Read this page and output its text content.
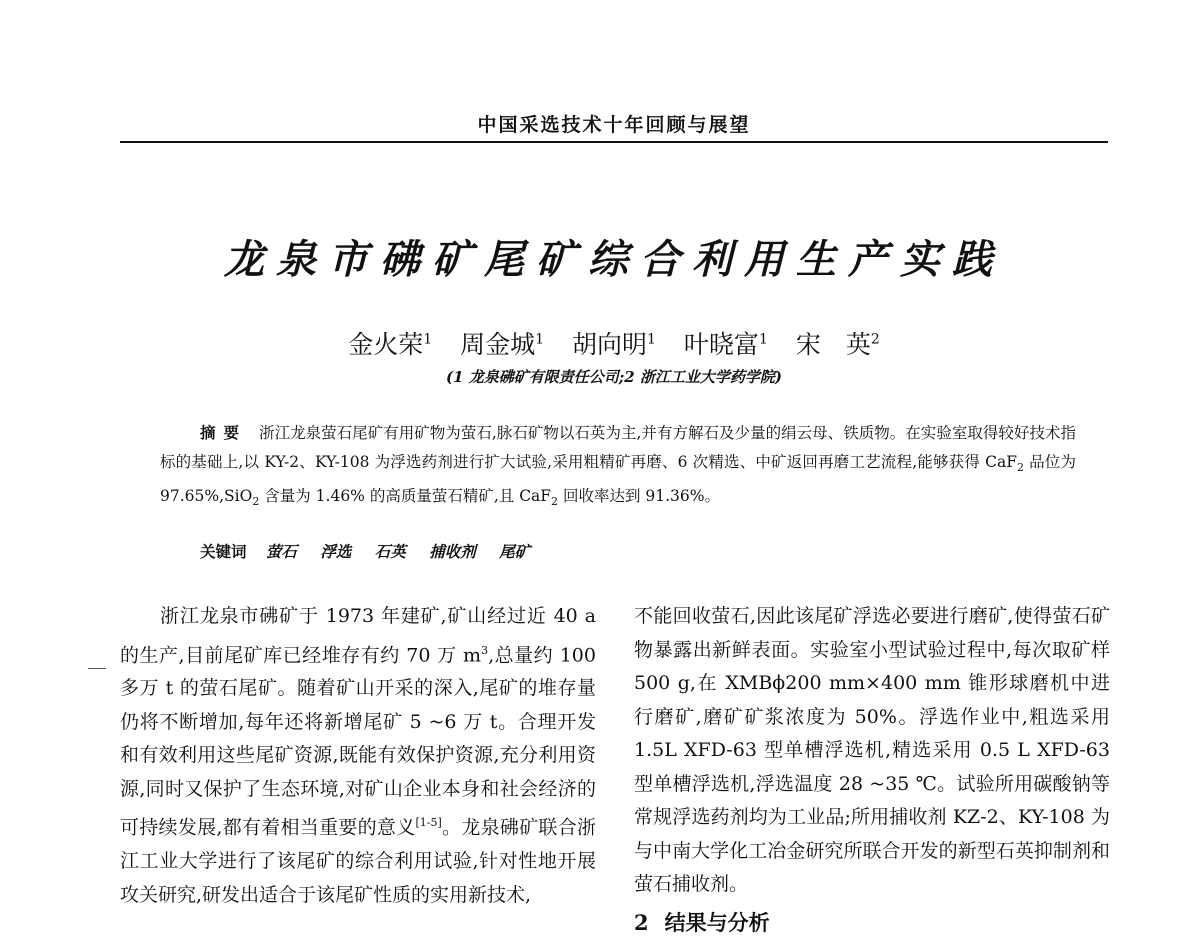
中国采选技术十年回顾与展望
龙泉市砩矿尾矿综合利用生产实践
金火荣$^1$ 周金城$^1$ 胡向明$^1$ 叶晓富$^1$ 宋　英$^2$
(1 龙泉砩矿有限责任公司;2 浙江工业大学药学院)
摘要 浙江龙泉萤石尾矿有用矿物为萤石,脉石矿物以石英为主,并有方解石及少量的绢云母、铁质物。在实验室取得较好技术指标的基础上,以 KY-2、KY-108 为浮选药剂进行扩大试验,采用粗精矿再磨、6 次精选、中矿返回再磨工艺流程,能够获得 CaF$_2$ 品位为 97.65%,SiO$_2$ 含量为 1.46% 的高质量萤石精矿,且 CaF$_2$ 回收率达到 91.36%。
关键词 萤石 浮选 石英 捕收剂 尾矿

浙江龙泉市砩矿于 1973 年建矿,矿山经过近 40 a 的生产,目前尾矿库已经堆存有约 70 万 $m^3$,总量约 100 多万 t 的萤石尾矿。随着矿山开采的深入,尾矿的堆存量仍将不断增加,每年还将新增尾矿 5 ~6 万 t。合理开发和有效利用这些尾矿资源,既能有效保护资源,充分利用资源,同时又保护了生态环境,对矿山企业本身和社会经济的可持续发展,都有着相当重要的意义[1-5]。龙泉砩矿联合浙江工业大学进行了该尾矿的综合利用试验,针对性地开展攻关研究,研发出适合于该尾矿性质的实用新技术,

不能回收萤石,因此该尾矿浮选必要进行磨矿,使得萤石矿物暴露出新鲜表面。实验室小型试验过程中,每次取矿样 500 g,在 XMBϕ200 mm×400 mm 锥形球磨机中进行磨矿,磨矿矿浆浓度为 50%。浮选作业中,粗选采用 1.5L XFD-63 型单槽浮选机,精选采用 0.5 L XFD-63 型单槽浮选机,浮选温度 28 ~35 ℃。试验所用碳酸钠等常规浮选药剂均为工业品;所用捕收剂 KZ-2、KY-108 为与中南大学化工冶金研究所联合开发的新型石英抑制剂和萤石捕收剂。

2 结果与分析
